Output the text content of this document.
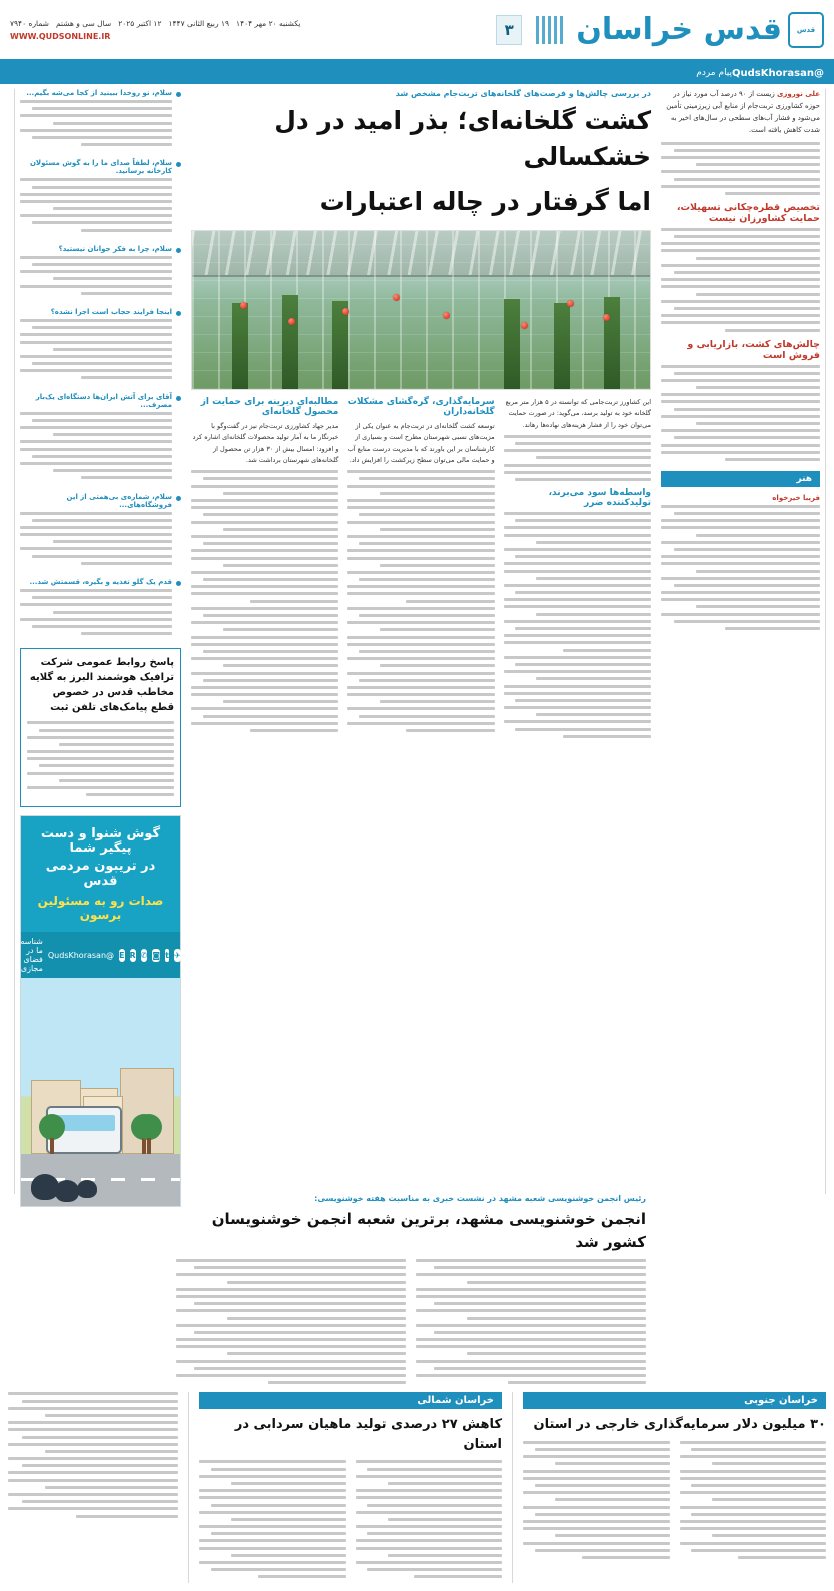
قدس
قدس خراسان
۳
یکشنبه ۲۰ مهر ۱۴۰۴
۱۹ ربیع الثانی ۱۴۴۷
۱۲ اکتبر ۲۰۲۵
سال سی و هشتم
شماره ۷۹۴۰
WWW.QUDSONLINE.IR
@QudsKhorasan
پیام مردم
علی نوروزی زیست از ۹۰ درصد آب مورد نیاز در حوزه کشاورزی تربت‌جام از منابع آبی زیرزمینی تأمین می‌شود و فشار آب‌های سطحی در سال‌های اخیر به شدت کاهش یافته است.
تخصیص قطره‌چکانی تسهیلات، حمایت کشاورزان نیست
چالش‌های کشت، بازاریابی و فروش است
هنر
فریبا خیرخواه
در بررسی چالش‌ها و فرصت‌های گلخانه‌های تربت‌جام مشخص شد
کشت گلخانه‌ای؛ بذر امید در دل خشکسالی
اما گرفتار در چاله اعتبارات
این کشاورز تربت‌جامی که توانسته در ۵ هزار متر مربع گلخانه خود به تولید برسد، می‌گوید: در صورت حمایت می‌توان خود را از فشار هزینه‌های نهاده‌ها رهاند.
واسطه‌ها سود می‌برند، تولیدکننده ضرر
سرمایه‌گذاری، گره‌گشای مشکلات گلخانه‌داران
توسعه کشت گلخانه‌ای در تربت‌جام به عنوان یکی از مزیت‌های نسبی شهرستان مطرح است و بسیاری از کارشناسان بر این باورند که با مدیریت درست منابع آب و حمایت مالی می‌توان سطح زیرکشت را افزایش داد.
مطالبه‌ای دیرینه برای حمایت از محصول گلخانه‌ای
مدیر جهاد کشاورزی تربت‌جام نیز در گفت‌وگو با خبرنگار ما به آمار تولید محصولات گلخانه‌ای اشاره کرد و افزود: امسال بیش از ۳۰ هزار تن محصول از گلخانه‌های شهرستان برداشت شد.
سلام، تو روخدا ببینید از کجا می‌شه بگیم...
سلام، لطفاً صدای ما را به گوش مسئولان کارخانه برسانید.
سلام، چرا به فکر جوانان نیستید؟
اینجا فرایند حجاب است اجرا نشده؟
آقای برای آتش ایران‌ها دستگاه‌ای یک‌بار مصرف...
سلام، شماره‌ی بی‌همتی از این فروشگاه‌های...
قدم یک گلو تغذیه و بگیره، قسمتش شد...
پاسخ روابط عمومی شرکت ترافیک هوشمند البرز به گلایه مخاطب قدس در خصوص قطع پیامک‌های تلفن ثبت
گوش شنوا و دست پیگیر شما
در تریبون مردمی قدس
صدات رو به مسئولین برسون
✈
t
◙
✆
R
E
@QudsKhorasan
شناسه ما در فضای مجازی
رئیس انجمن خوشنویسی شعبه مشهد در نشست خبری به مناسبت هفته خوشنویسی:
انجمن خوشنویسی مشهد، برترین شعبه انجمن خوشنویسان کشور شد
خراسان جنوبی
۳۰ میلیون دلار سرمایه‌گذاری خارجی در استان
خراسان شمالی
کاهش ۲۷ درصدی تولید ماهیان سردابی در استان
